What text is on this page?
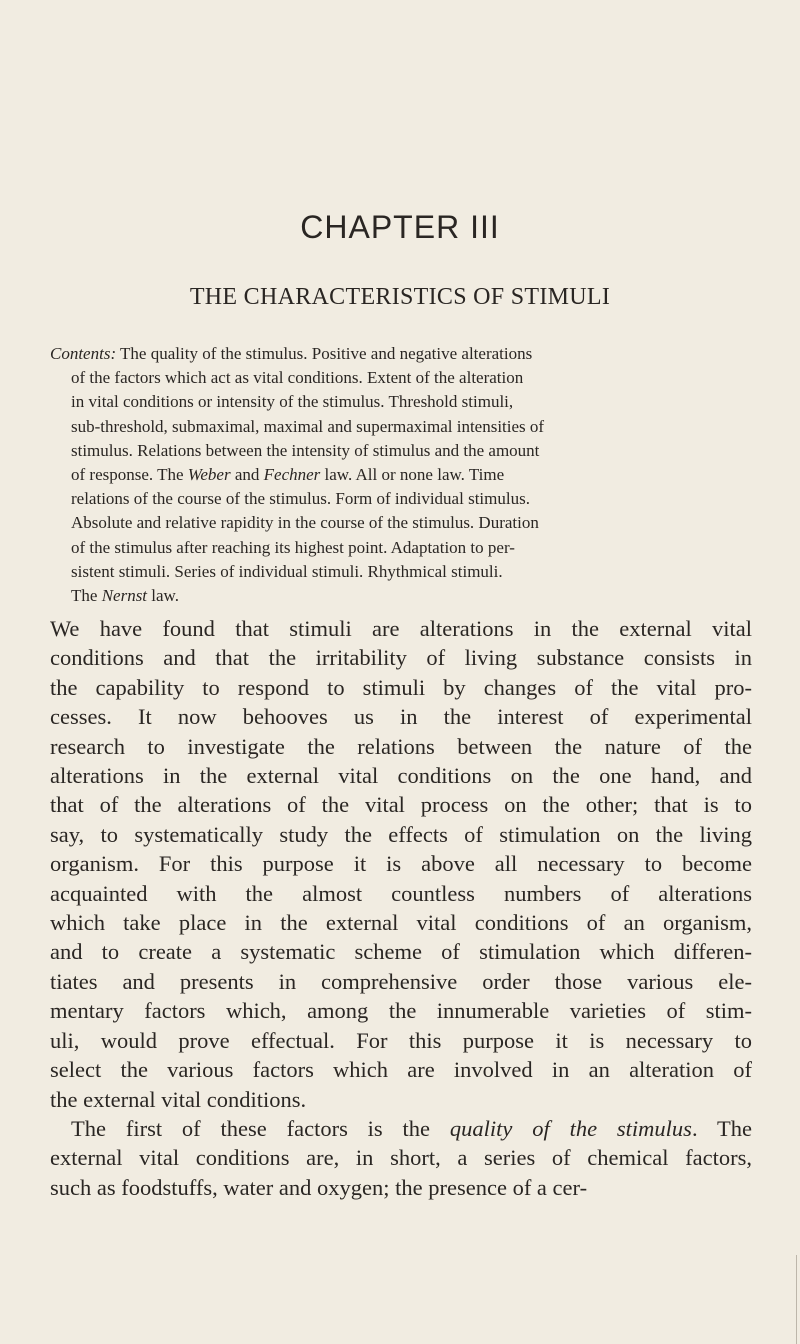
CHAPTER III
THE CHARACTERISTICS OF STIMULI
Contents: The quality of the stimulus. Positive and negative alterations
of the factors which act as vital conditions. Extent of the alteration
in vital conditions or intensity of the stimulus. Threshold stimuli,
sub-threshold, submaximal, maximal and supermaximal intensities of
stimulus. Relations between the intensity of stimulus and the amount
of response. The Weber and Fechner law. All or none law. Time
relations of the course of the stimulus. Form of individual stimulus.
Absolute and relative rapidity in the course of the stimulus. Duration
of the stimulus after reaching its highest point. Adaptation to per-
sistent stimuli. Series of individual stimuli. Rhythmical stimuli.
The Nernst law.
We have found that stimuli are alterations in the external vital
conditions and that the irritability of living substance consists in
the capability to respond to stimuli by changes of the vital pro-
cesses. It now behooves us in the interest of experimental
research to investigate the relations between the nature of the
alterations in the external vital conditions on the one hand, and
that of the alterations of the vital process on the other; that is to
say, to systematically study the effects of stimulation on the living
organism. For this purpose it is above all necessary to become
acquainted with the almost countless numbers of alterations
which take place in the external vital conditions of an organism,
and to create a systematic scheme of stimulation which differen-
tiates and presents in comprehensive order those various ele-
mentary factors which, among the innumerable varieties of stim-
uli, would prove effectual. For this purpose it is necessary to
select the various factors which are involved in an alteration of
the external vital conditions.
The first of these factors is the quality of the stimulus. The
external vital conditions are, in short, a series of chemical factors,
such as foodstuffs, water and oxygen; the presence of a cer-
